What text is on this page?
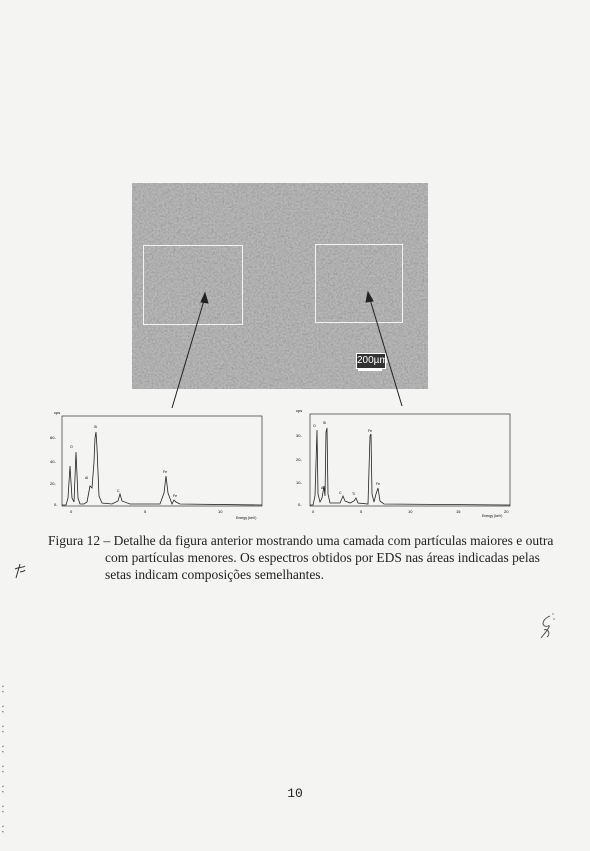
200µm
cps
60-
40-
20-
0-
0	5	10
Energy (keV)
O
Al
Si
C
Fe
Fe
cps
30-
20-
10-
0-
0	5	10	15	20
Energy (keV)
O
Si
Al
C	Ti
Fe
Fe
Figura 12 – Detalhe da figura anterior mostrando uma camada com partículas maiores e outra
com partículas menores. Os espectros obtidos por EDS nas áreas indicadas pelas
setas indicam composições semelhantes.
10
